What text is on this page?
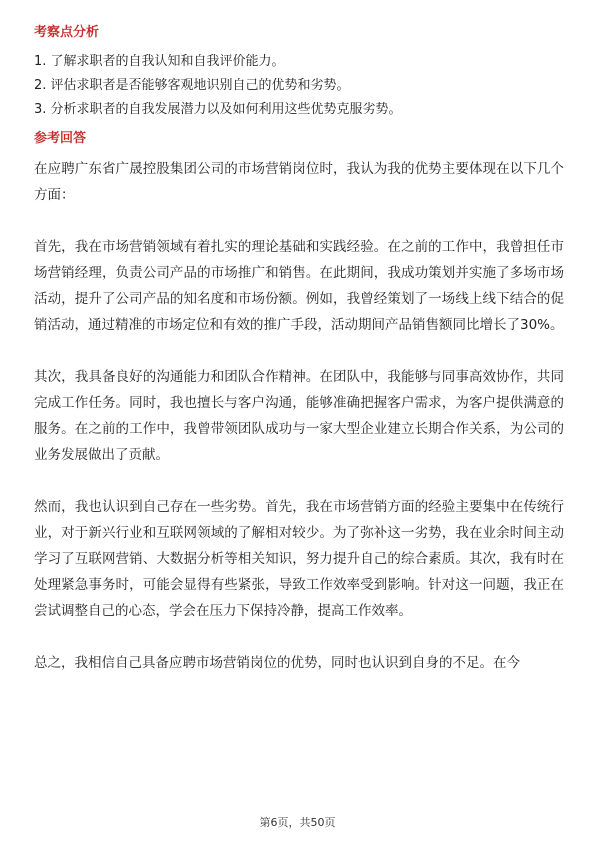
考察点分析
1. 了解求职者的自我认知和自我评价能力。
2. 评估求职者是否能够客观地识别自己的优势和劣势。
3. 分析求职者的自我发展潜力以及如何利用这些优势克服劣势。
参考回答

在应聘广东省广晟控股集团公司的市场营销岗位时，我认为我的优势主要体现在以下几个方面：

首先，我在市场营销领域有着扎实的理论基础和实践经验。在之前的工作中，我曾担任市场营销经理，负责公司产品的市场推广和销售。在此期间，我成功策划并实施了多场市场活动，提升了公司产品的知名度和市场份额。例如，我曾经策划了一场线上线下结合的促销活动，通过精准的市场定位和有效的推广手段，活动期间产品销售额同比增长了30%。

其次，我具备良好的沟通能力和团队合作精神。在团队中，我能够与同事高效协作，共同完成工作任务。同时，我也擅长与客户沟通，能够准确把握客户需求，为客户提供满意的服务。在之前的工作中，我曾带领团队成功与一家大型企业建立长期合作关系，为公司的业务发展做出了贡献。

然而，我也认识到自己存在一些劣势。首先，我在市场营销方面的经验主要集中在传统行业，对于新兴行业和互联网领域的了解相对较少。为了弥补这一劣势，我在业余时间主动学习了互联网营销、大数据分析等相关知识，努力提升自己的综合素质。其次，我有时在处理紧急事务时，可能会显得有些紧张，导致工作效率受到影响。针对这一问题，我正在尝试调整自己的心态，学会在压力下保持冷静，提高工作效率。

总之，我相信自己具备应聘市场营销岗位的优势，同时也认识到自身的不足。在今

第6页，共50页
